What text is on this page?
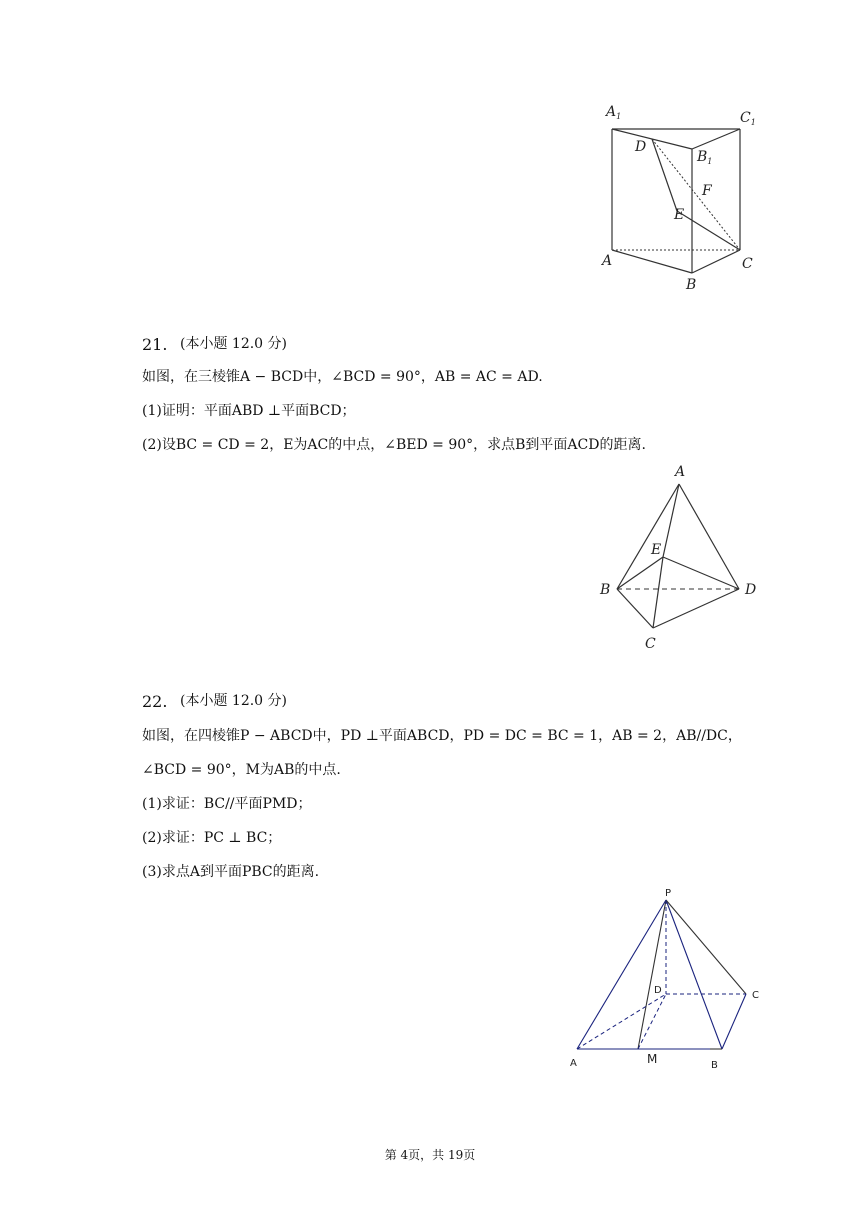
$A_1$	$C_1$
$B_1$
D
F
E
A	C
B
21. (本小题 12.0 分)
如图，在三棱锥A − BCD中，∠BCD = 90°，AB = AC = AD.
(1)证明：平面ABD ⊥平面BCD；
(2)设BC = CD = 2，E为AC的中点，∠BED = 90°，求点B到平面ACD的距离.
A
E
B	D
C
22. (本小题 12.0 分)
如图，在四棱锥P − ABCD中，PD ⊥平面ABCD，PD = DC = BC = 1，AB = 2，AB//DC，
∠BCD = 90°，M为AB的中点.
(1)求证：BC//平面PMD；
(2)求证：PC ⊥ BC；
(3)求点A到平面PBC的距离.
P
D	C
A	M	B
第 4页，共 19页
